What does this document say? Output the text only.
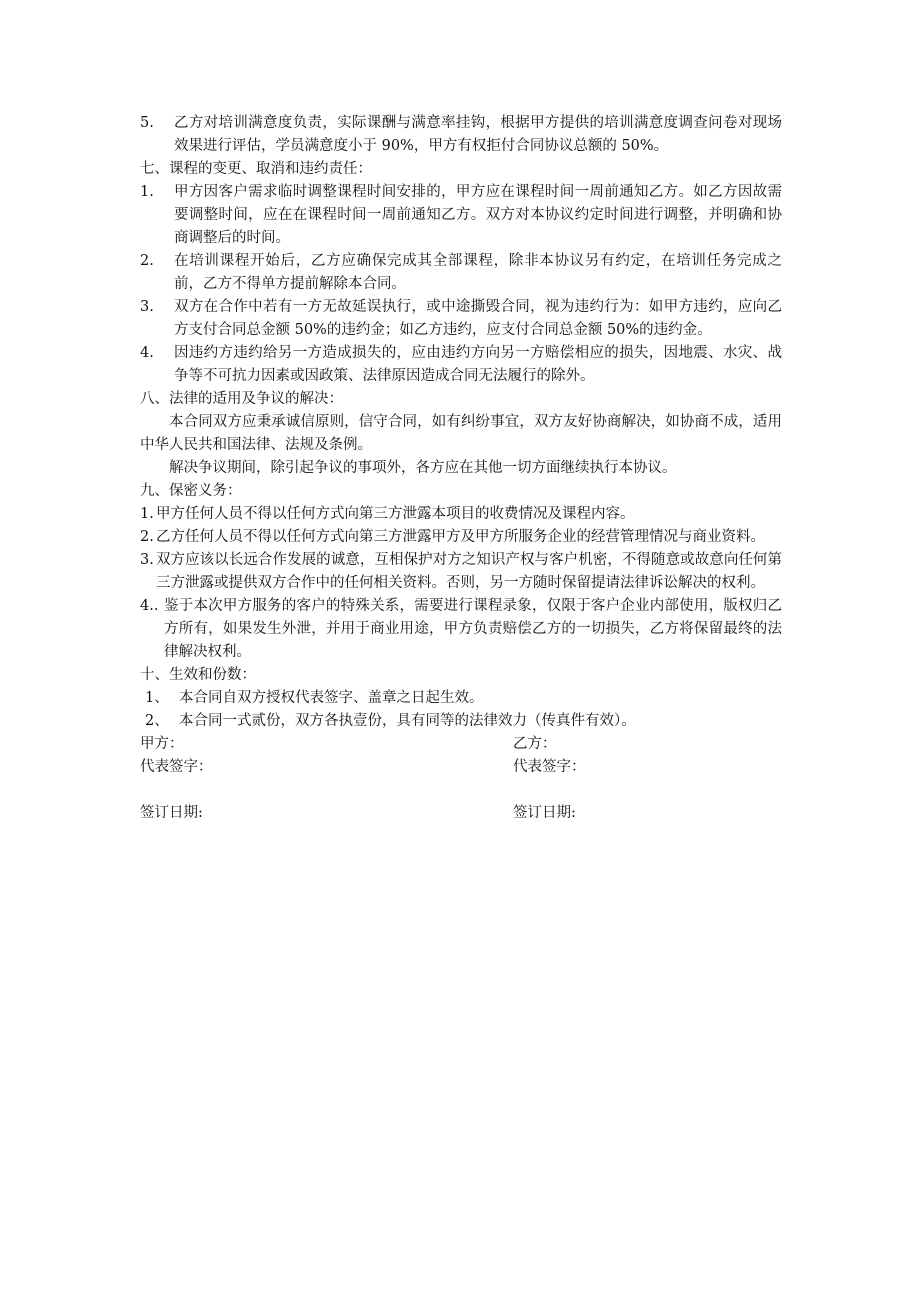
5.	乙方对培训满意度负责，实际课酬与满意率挂钩，根据甲方提供的培训满意度调查问卷对现场效果进行评估，学员满意度小于 90%，甲方有权拒付合同协议总额的 50%。

七、课程的变更、取消和违约责任：

1.	甲方因客户需求临时调整课程时间安排的，甲方应在课程时间一周前通知乙方。如乙方因故需要调整时间，应在在课程时间一周前通知乙方。双方对本协议约定时间进行调整，并明确和协商调整后的时间。
2.	在培训课程开始后，乙方应确保完成其全部课程，除非本协议另有约定，在培训任务完成之前，乙方不得单方提前解除本合同。
3.	双方在合作中若有一方无故延误执行，或中途撕毁合同，视为违约行为：如甲方违约，应向乙方支付合同总金额 50%的违约金；如乙方违约，应支付合同总金额 50%的违约金。
4.	因违约方违约给另一方造成损失的，应由违约方向另一方赔偿相应的损失，因地震、水灾、战争等不可抗力因素或因政策、法律原因造成合同无法履行的除外。

八、法律的适用及争议的解决：

本合同双方应秉承诚信原则，信守合同，如有纠纷事宜，双方友好协商解决，如协商不成，适用中华人民共和国法律、法规及条例。

解决争议期间，除引起争议的事项外，各方应在其他一切方面继续执行本协议。

九、保密义务：

1. 甲方任何人员不得以任何方式向第三方泄露本项目的收费情况及课程内容。
2. 乙方任何人员不得以任何方式向第三方泄露甲方及甲方所服务企业的经营管理情况与商业资料。
3. 双方应该以长远合作发展的诚意，互相保护对方之知识产权与客户机密，不得随意或故意向任何第三方泄露或提供双方合作中的任何相关资料。否则，另一方随时保留提请法律诉讼解决的权利。
4.. 鉴于本次甲方服务的客户的特殊关系，需要进行课程录象，仅限于客户企业内部使用，版权归乙方所有，如果发生外泄，并用于商业用途，甲方负责赔偿乙方的一切损失，乙方将保留最终的法律解决权利。

十、生效和份数：

1、 本合同自双方授权代表签字、盖章之日起生效。
2、 本合同一式贰份，双方各执壹份，具有同等的法律效力（传真件有效）。
甲方：	乙方：
代表签字：	代表签字：
签订日期:	签订日期:
